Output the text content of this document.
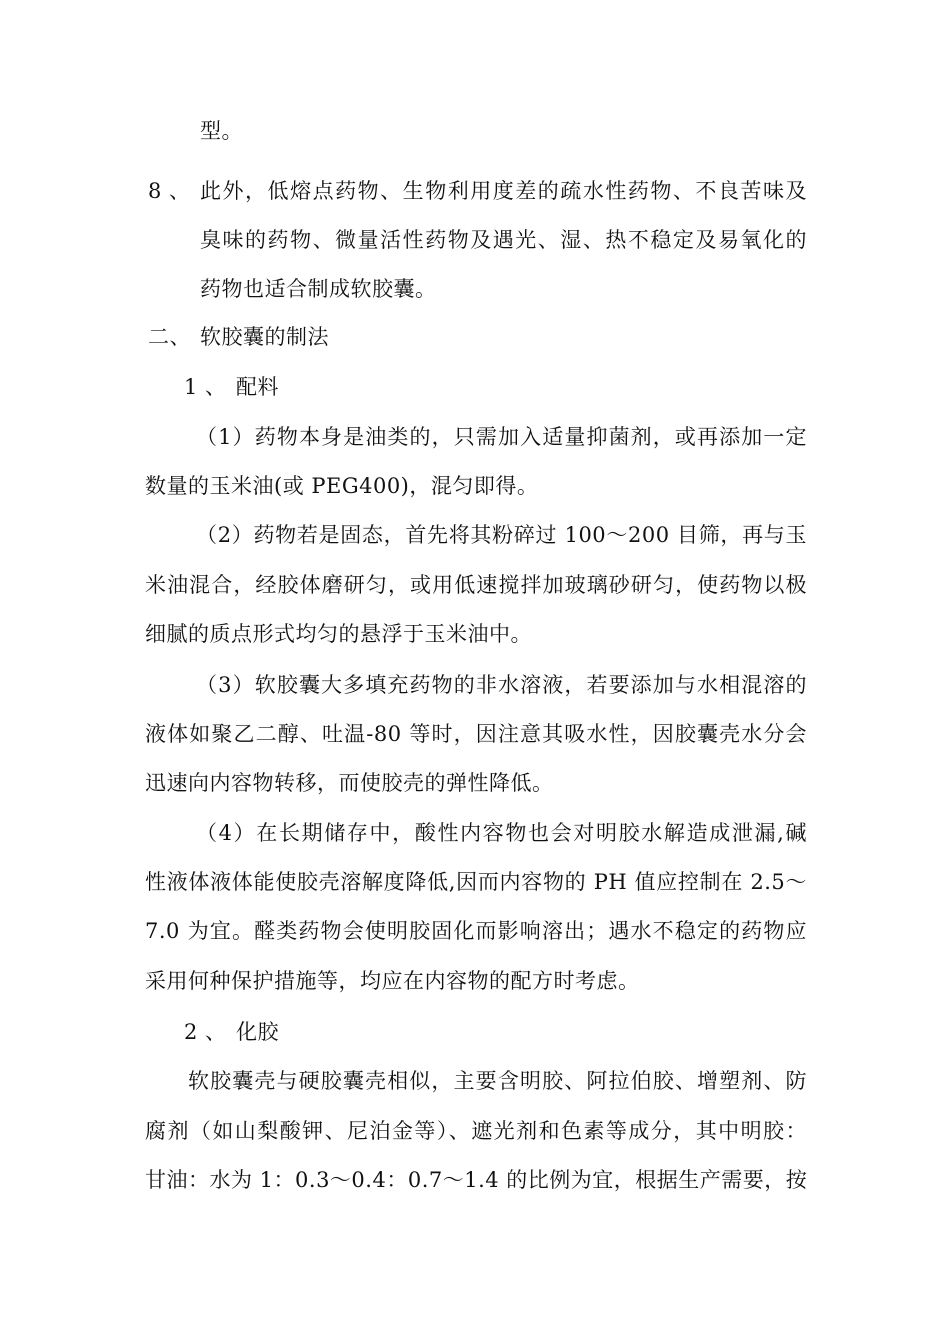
型。
8 、 此外，低熔点药物、生物利用度差的疏水性药物、不良苦味及
臭味的药物、微量活性药物及遇光、湿、热不稳定及易氧化的
药物也适合制成软胶囊。
二、 软胶囊的制法
1 、 配料
（1）药物本身是油类的，只需加入适量抑菌剂，或再添加一定
数量的玉米油(或 PEG400)，混匀即得。
（2）药物若是固态，首先将其粉碎过 100～200 目筛，再与玉
米油混合，经胶体磨研匀，或用低速搅拌加玻璃砂研匀，使药物以极
细腻的质点形式均匀的悬浮于玉米油中。
（3）软胶囊大多填充药物的非水溶液，若要添加与水相混溶的
液体如聚乙二醇、吐温-80 等时，因注意其吸水性，因胶囊壳水分会
迅速向内容物转移，而使胶壳的弹性降低。
（4）在长期储存中，酸性内容物也会对明胶水解造成泄漏,碱
性液体液体能使胶壳溶解度降低,因而内容物的 PH 值应控制在 2.5～
7.0 为宜。醛类药物会使明胶固化而影响溶出；遇水不稳定的药物应
采用何种保护措施等，均应在内容物的配方时考虑。
2 、 化胶
软胶囊壳与硬胶囊壳相似，主要含明胶、阿拉伯胶、增塑剂、防
腐剂（如山梨酸钾、尼泊金等）、遮光剂和色素等成分，其中明胶：
甘油：水为 1：0.3～0.4：0.7～1.4 的比例为宜，根据生产需要，按
